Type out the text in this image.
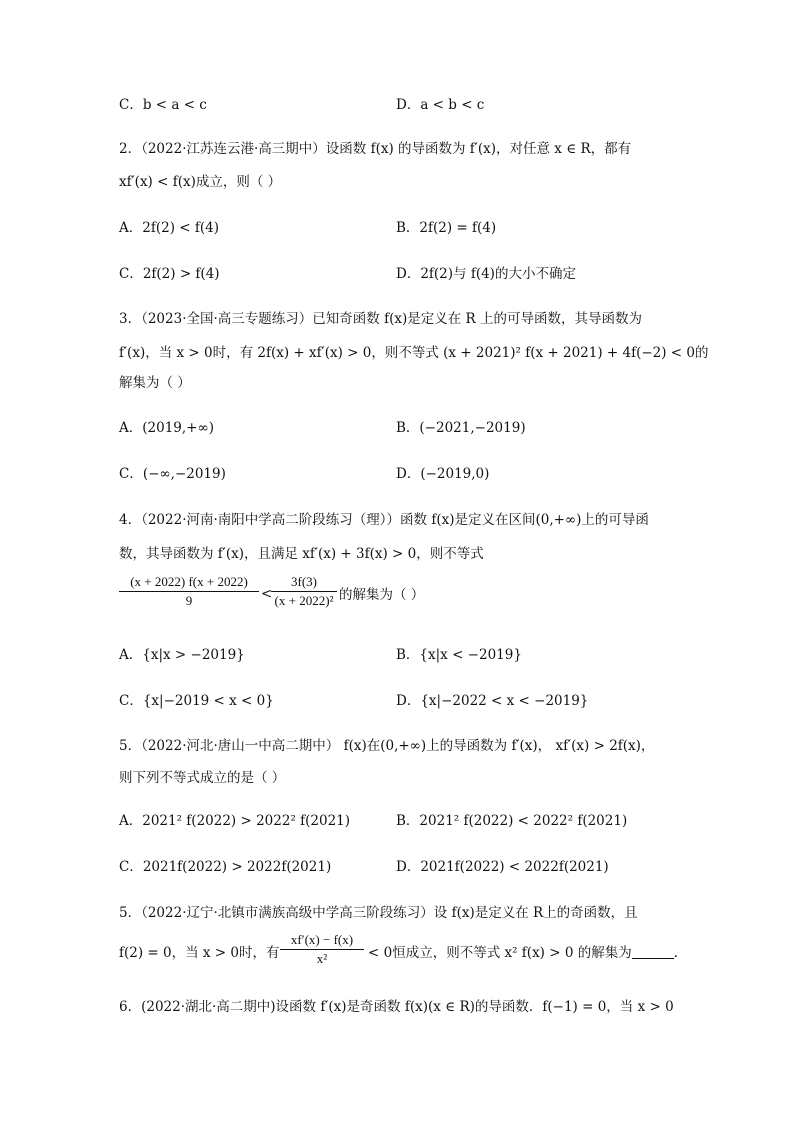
C．b < a < c	D．a < b < c
2．（2022·江苏连云港·高三期中）设函数 f(x) 的导函数为 f′(x)，对任意 x ∈ R，都有
xf′(x) < f(x)成立，则（ ）
A．2f(2) < f(4)	B．2f(2) = f(4)
C．2f(2) > f(4)	D．2f(2)与 f(4)的大小不确定
3．（2023·全国·高三专题练习）已知奇函数 f(x)是定义在 R 上的可导函数，其导函数为
f′(x)，当 x > 0时，有 2f(x) + xf′(x) > 0，则不等式 (x + 2021)² f(x + 2021) + 4f(−2) < 0的
解集为（ ）
A．(2019,+∞)	B．(−2021,−2019)
C．(−∞,−2019)	D．(−2019,0)
4．（2022·河南·南阳中学高二阶段练习（理））函数 f(x)是定义在区间(0,+∞)上的可导函
数，其导函数为 f′(x)，且满足 xf′(x) + 3f(x) > 0，则不等式
$\frac{(x + 2022) f(x + 2022)}{9}$ <
$\frac{3f(3)}{\text{(x + 2022)²}}$ 的解集为（ ）
A．{x|x > −2019}	B．{x|x < −2019}
C．{x|−2019 < x < 0}	D．{x|−2022 < x < −2019}
5．（2022·河北·唐山一中高二期中） f(x)在(0,+∞)上的导函数为 f′(x)， xf′(x) > 2f(x)，
则下列不等式成立的是（ ）
A．2021² f(2022) > 2022² f(2021)	B．2021² f(2022) < 2022² f(2021)
C．2021f(2022) > 2022f(2021)	D．2021f(2022) < 2022f(2021)
5．（2022·辽宁·北镇市满族高级中学高三阶段练习）设 f(x)是定义在 R上的奇函数，且
f(2) = 0，当 x > 0时，有 $\frac{xf'(x) - f(x)}{\text{x²}} < 0$恒成立，则不等式 x² f(x) > 0 的解集为	.
6．(2022·湖北·高二期中)设函数 f′(x)是奇函数 f(x)(x ∈ R)的导函数．f(−1) = 0，当 x > 0
